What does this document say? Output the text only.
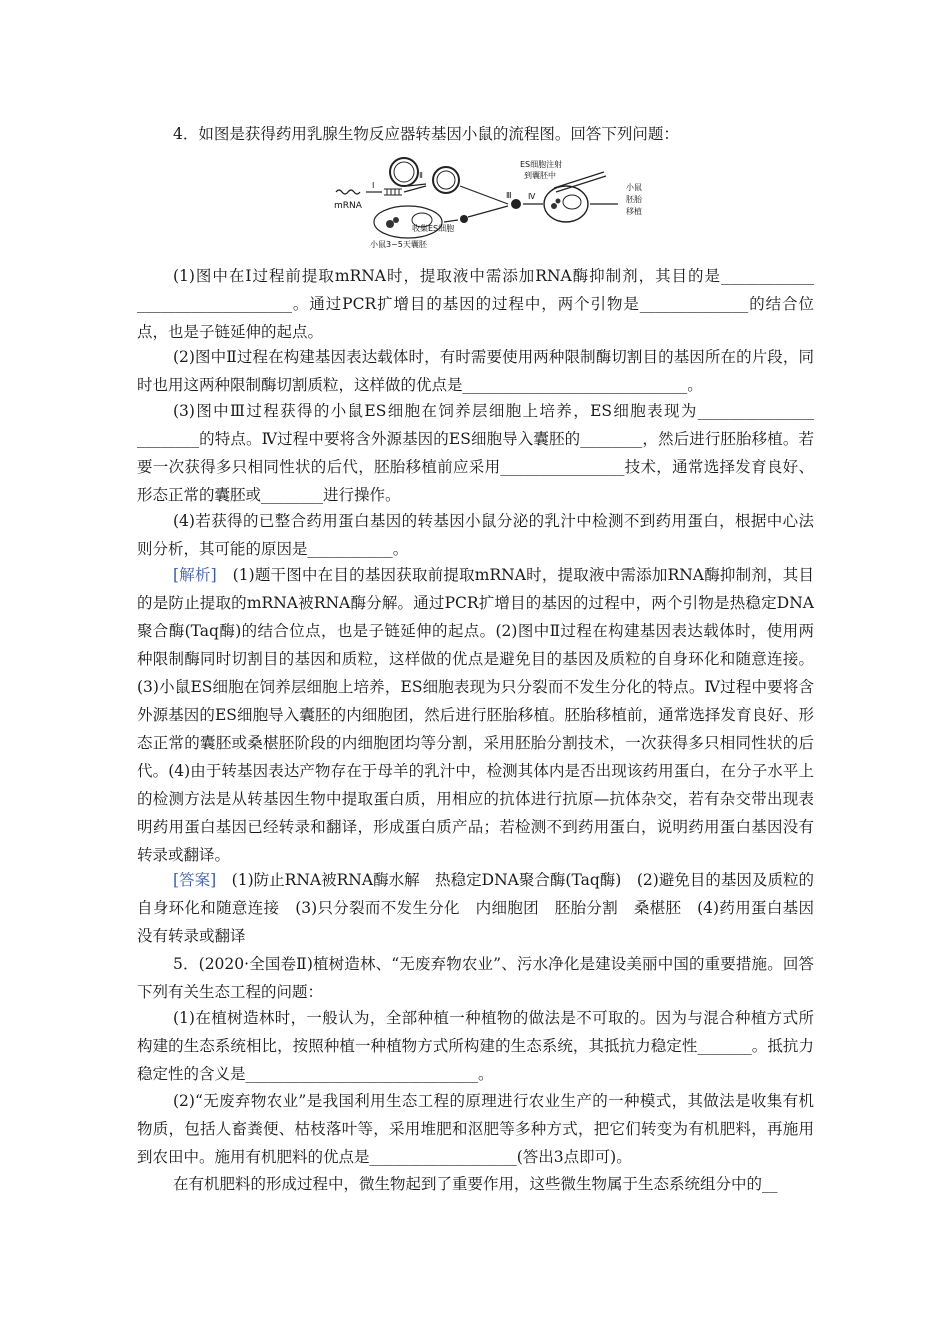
4．如图是获得药用乳腺生物反应器转基因小鼠的流程图。回答下列问题：

mRNA
I
Ⅱ
Ⅲ
收集ES细胞
小鼠3~5天囊胚
Ⅳ
ES细胞注射
到囊胚中
小鼠
胚胎
移植

(1)图中在Ⅰ过程前提取mRNA时，提取液中需添加RNA酶抑制剂，其目的是____________ ____________________。通过PCR扩增目的基因的过程中，两个引物是______________的结合位点，也是子链延伸的起点。

(2)图中Ⅱ过程在构建基因表达载体时，有时需要使用两种限制酶切割目的基因所在的片段，同时也用这两种限制酶切割质粒，这样做的优点是_____________________________。

(3)图中Ⅲ过程获得的小鼠ES细胞在饲养层细胞上培养，ES细胞表现为_______________ ________的特点。Ⅳ过程中要将含外源基因的ES细胞导入囊胚的________，然后进行胚胎移植。若要一次获得多只相同性状的后代，胚胎移植前应采用________________技术，通常选择发育良好、形态正常的囊胚或________进行操作。

(4)若获得的已整合药用蛋白基因的转基因小鼠分泌的乳汁中检测不到药用蛋白，根据中心法则分析，其可能的原因是___________。

[解析]　(1)题干图中在目的基因获取前提取mRNA时，提取液中需添加RNA酶抑制剂，其目的是防止提取的mRNA被RNA酶分解。通过PCR扩增目的基因的过程中，两个引物是热稳定DNA聚合酶(Taq酶)的结合位点，也是子链延伸的起点。(2)图中Ⅱ过程在构建基因表达载体时，使用两种限制酶同时切割目的基因和质粒，这样做的优点是避免目的基因及质粒的自身环化和随意连接。(3)小鼠ES细胞在饲养层细胞上培养，ES细胞表现为只分裂而不发生分化的特点。Ⅳ过程中要将含外源基因的ES细胞导入囊胚的内细胞团，然后进行胚胎移植。胚胎移植前，通常选择发育良好、形态正常的囊胚或桑椹胚阶段的内细胞团均等分割，采用胚胎分割技术，一次获得多只相同性状的后代。(4)由于转基因表达产物存在于母羊的乳汁中，检测其体内是否出现该药用蛋白，在分子水平上的检测方法是从转基因生物中提取蛋白质，用相应的抗体进行抗原—抗体杂交，若有杂交带出现表明药用蛋白基因已经转录和翻译，形成蛋白质产品；若检测不到药用蛋白，说明药用蛋白基因没有转录或翻译。

[答案]　(1)防止RNA被RNA酶水解　热稳定DNA聚合酶(Taq酶)　(2)避免目的基因及质粒的自身环化和随意连接　(3)只分裂而不发生分化　内细胞团　胚胎分割　桑椹胚　(4)药用蛋白基因没有转录或翻译

5．(2020·全国卷Ⅱ)植树造林、“无废弃物农业”、污水净化是建设美丽中国的重要措施。回答下列有关生态工程的问题：

(1)在植树造林时，一般认为，全部种植一种植物的做法是不可取的。因为与混合种植方式所构建的生态系统相比，按照种植一种植物方式所构建的生态系统，其抵抗力稳定性_______。抵抗力稳定性的含义是______________________________。

(2)“无废弃物农业”是我国利用生态工程的原理进行农业生产的一种模式，其做法是收集有机物质，包括人畜粪便、枯枝落叶等，采用堆肥和沤肥等多种方式，把它们转变为有机肥料，再施用到农田中。施用有机肥料的优点是___________________(答出3点即可)。

在有机肥料的形成过程中，微生物起到了重要作用，这些微生物属于生态系统组分中的__
